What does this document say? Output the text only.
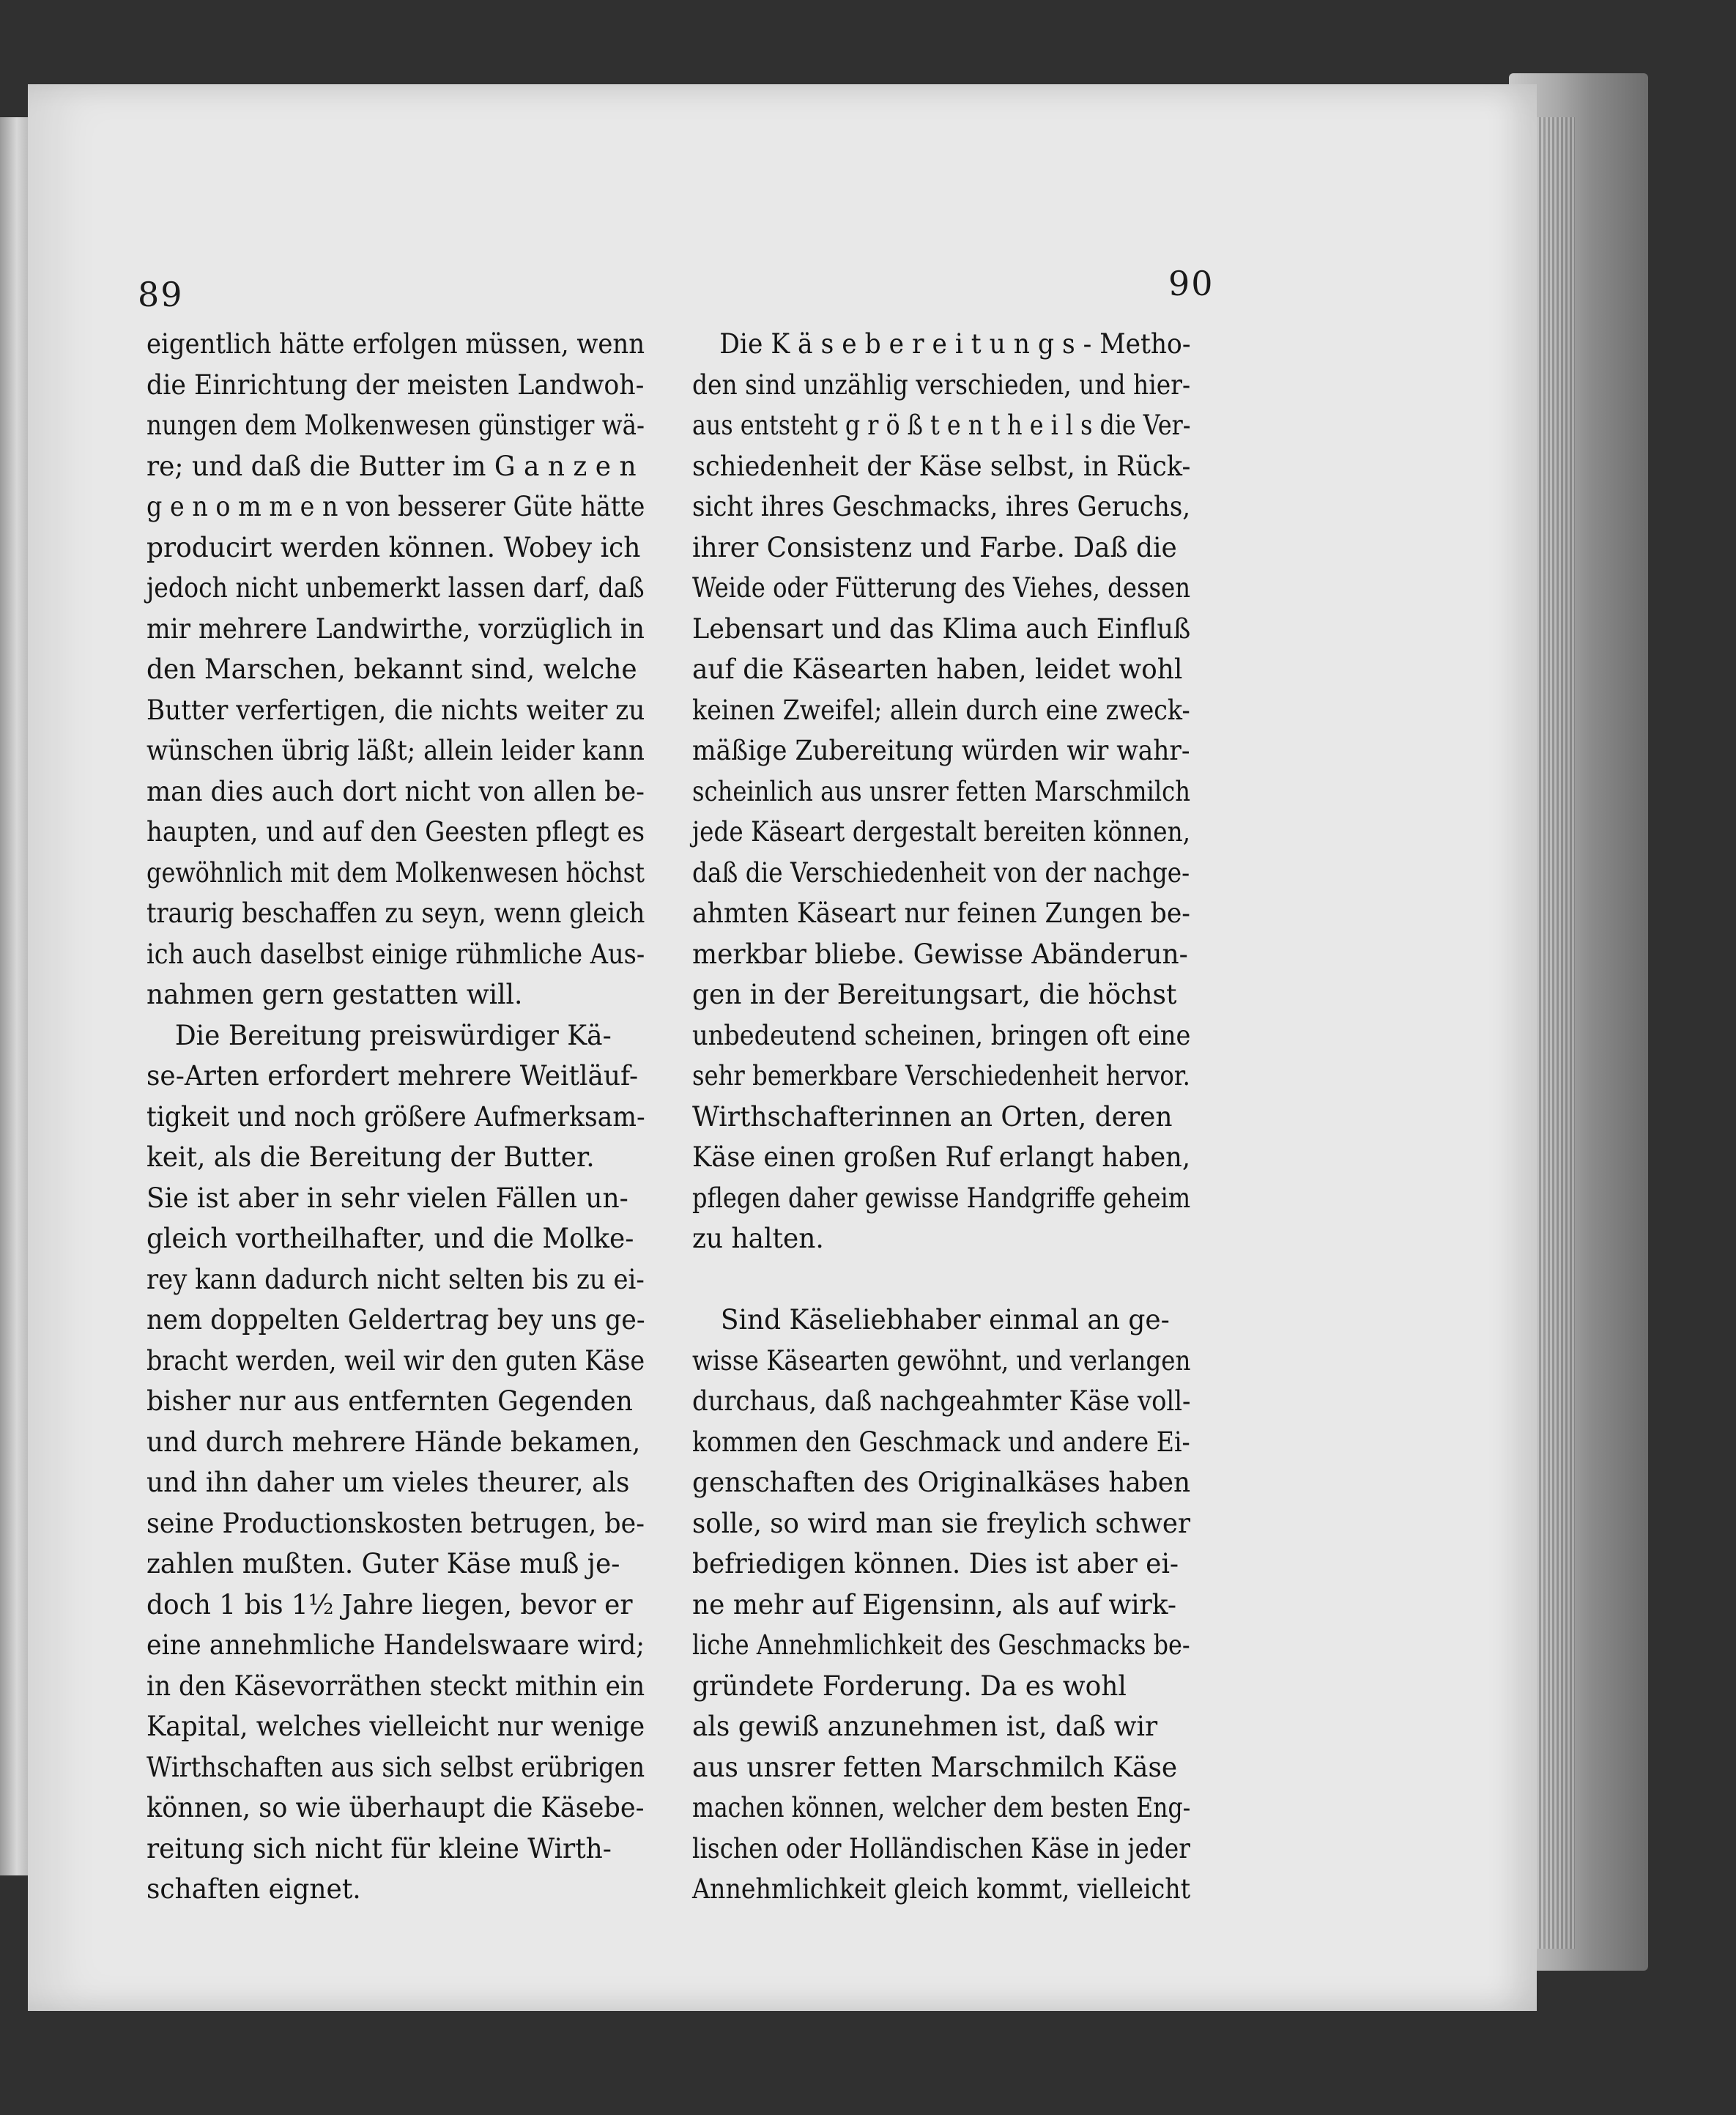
89	90
eigentlich hätte erfolgen müssen, wenn
die Einrichtung der meisten Landwoh-
nungen dem Molkenwesen günstiger wä-
re; und daß die Butter im G a n z e n
g e n o m m e n von besserer Güte hätte
producirt werden können. Wobey ich
jedoch nicht unbemerkt lassen darf, daß
mir mehrere Landwirthe, vorzüglich in
den Marschen, bekannt sind, welche
Butter verfertigen, die nichts weiter zu
wünschen übrig läßt; allein leider kann
man dies auch dort nicht von allen be-
haupten, und auf den Geesten pflegt es
gewöhnlich mit dem Molkenwesen höchst
traurig beschaffen zu seyn, wenn gleich
ich auch daselbst einige rühmliche Aus-
nahmen gern gestatten will.
Die Bereitung preiswürdiger Kä-
se-Arten erfordert mehrere Weitläuf-
tigkeit und noch größere Aufmerksam-
keit, als die Bereitung der Butter.
Sie ist aber in sehr vielen Fällen un-
gleich vortheilhafter, und die Molke-
rey kann dadurch nicht selten bis zu ei-
nem doppelten Geldertrag bey uns ge-
bracht werden, weil wir den guten Käse
bisher nur aus entfernten Gegenden
und durch mehrere Hände bekamen,
und ihn daher um vieles theurer, als
seine Productionskosten betrugen, be-
zahlen mußten. Guter Käse muß je-
doch 1 bis 1½ Jahre liegen, bevor er
eine annehmliche Handelswaare wird;
in den Käsevorräthen steckt mithin ein
Kapital, welches vielleicht nur wenige
Wirthschaften aus sich selbst erübrigen
können, so wie überhaupt die Käsebe-
reitung sich nicht für kleine Wirth-
schaften eignet.
Die K ä s e b e r e i t u n g s - Metho-
den sind unzählig verschieden, und hier-
aus entsteht g r ö ß t e n t h e i l s die Ver-
schiedenheit der Käse selbst, in Rück-
sicht ihres Geschmacks, ihres Geruchs,
ihrer Consistenz und Farbe. Daß die
Weide oder Fütterung des Viehes, dessen
Lebensart und das Klima auch Einfluß
auf die Käsearten haben, leidet wohl
keinen Zweifel; allein durch eine zweck-
mäßige Zubereitung würden wir wahr-
scheinlich aus unsrer fetten Marschmilch
jede Käseart dergestalt bereiten können,
daß die Verschiedenheit von der nachge-
ahmten Käseart nur feinen Zungen be-
merkbar bliebe. Gewisse Abänderun-
gen in der Bereitungsart, die höchst
unbedeutend scheinen, bringen oft eine
sehr bemerkbare Verschiedenheit hervor.
Wirthschafterinnen an Orten, deren
Käse einen großen Ruf erlangt haben,
pflegen daher gewisse Handgriffe geheim
zu halten.
Sind Käseliebhaber einmal an ge-
wisse Käsearten gewöhnt, und verlangen
durchaus, daß nachgeahmter Käse voll-
kommen den Geschmack und andere Ei-
genschaften des Originalkäses haben
solle, so wird man sie freylich schwer
befriedigen können. Dies ist aber ei-
ne mehr auf Eigensinn, als auf wirk-
liche Annehmlichkeit des Geschmacks be-
gründete Forderung. Da es wohl
als gewiß anzunehmen ist, daß wir
aus unsrer fetten Marschmilch Käse
machen können, welcher dem besten Eng-
lischen oder Holländischen Käse in jeder
Annehmlichkeit gleich kommt, vielleicht
